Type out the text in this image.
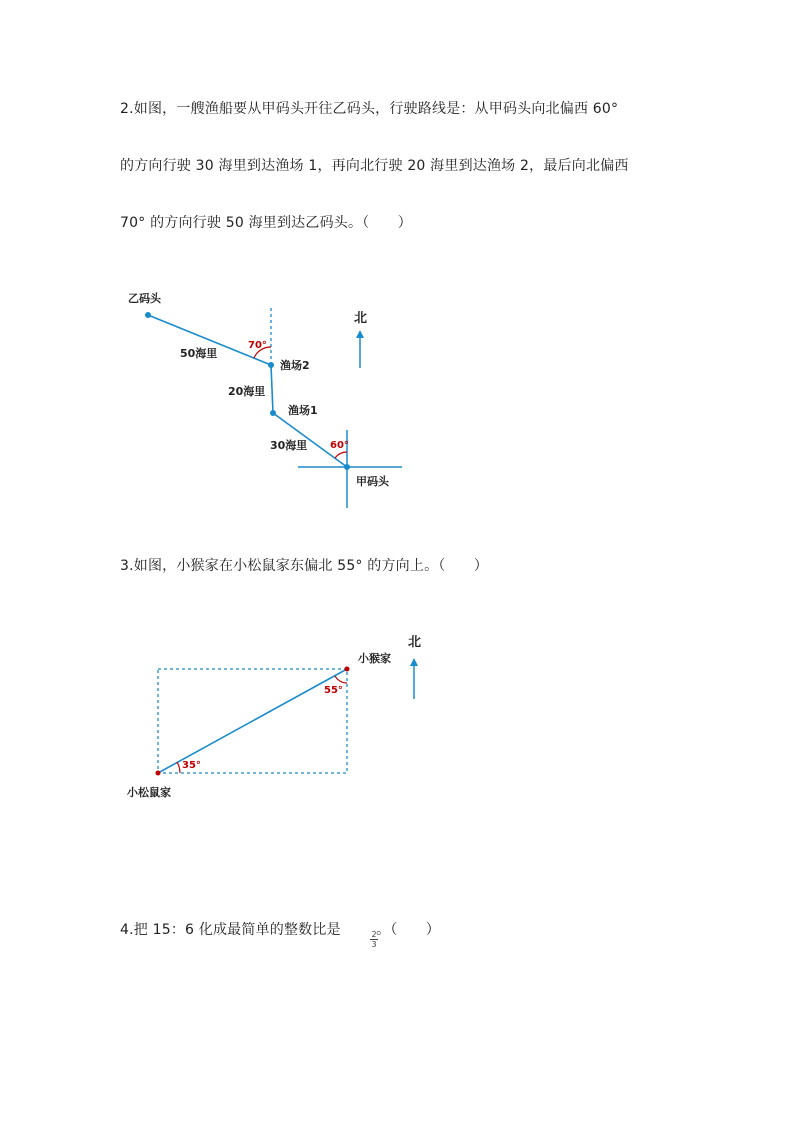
2.如图，一艘渔船要从甲码头开往乙码头，行驶路线是：从甲码头向北偏西 60°
的方向行驶 30 海里到达渔场 1，再向北行驶 20 海里到达渔场 2，最后向北偏西
70° 的方向行驶 50 海里到达乙码头。（　　）
北
乙码头
50海里
渔场2
20海里
渔场1
30海里
甲码头
70°
60°
3.如图，小猴家在小松鼠家东偏北 55° 的方向上。（　　）
北
小猴家
小松鼠家
55°
35°
4.把 15：6 化成最简单的整数比是	。（　　）
2
3
